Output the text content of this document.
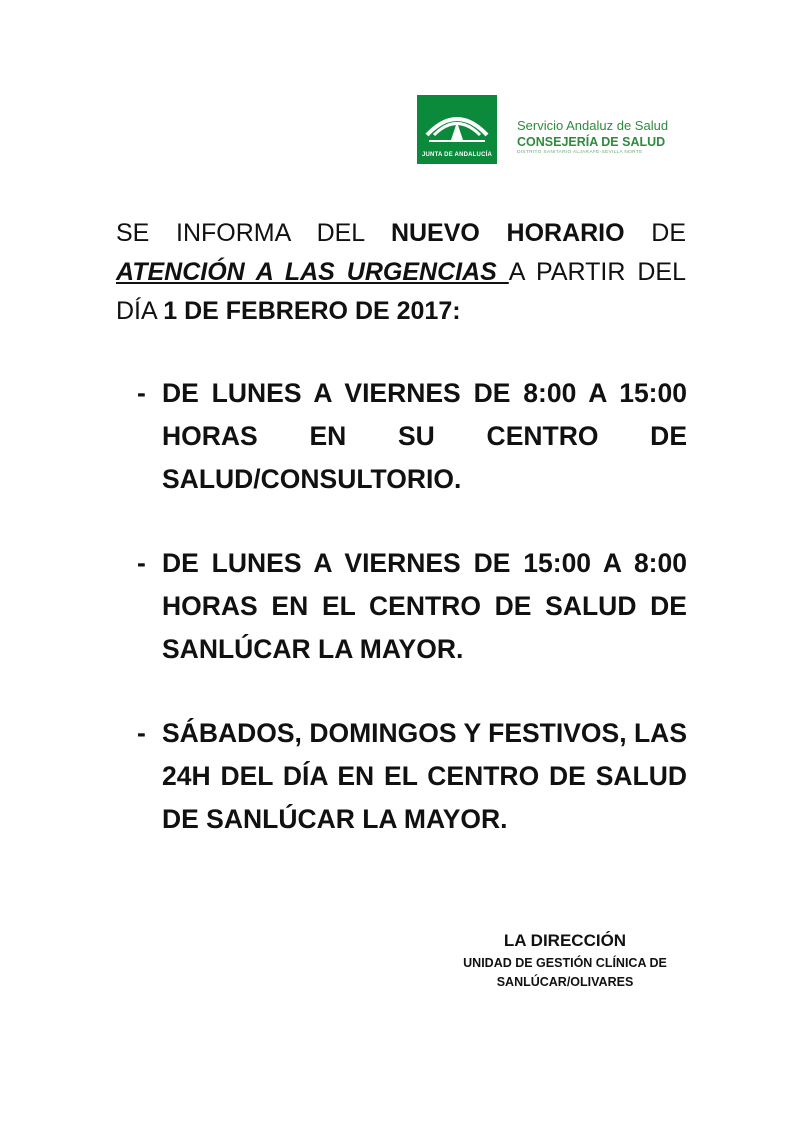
JUNTA DE ANDALUCÍA
Servicio Andaluz de Salud
CONSEJERÍA DE SALUD
DISTRITO SANITARIO ALJARAFE-SEVILLA NORTE
SE INFORMA DEL NUEVO HORARIO DE ATENCIÓN A LAS URGENCIAS A PARTIR DEL DÍA 1 DE FEBRERO DE 2017:
- DE LUNES A VIERNES DE 8:00 A 15:00 HORAS EN SU CENTRO DE SALUD/CONSULTORIO.
- DE LUNES A VIERNES DE 15:00 A 8:00 HORAS EN EL CENTRO DE SALUD DE SANLÚCAR LA MAYOR.
- SÁBADOS, DOMINGOS Y FESTIVOS, LAS 24H DEL DÍA EN EL CENTRO DE SALUD DE SANLÚCAR LA MAYOR.
LA DIRECCIÓN
UNIDAD DE GESTIÓN CLÍNICA DE
SANLÚCAR/OLIVARES
